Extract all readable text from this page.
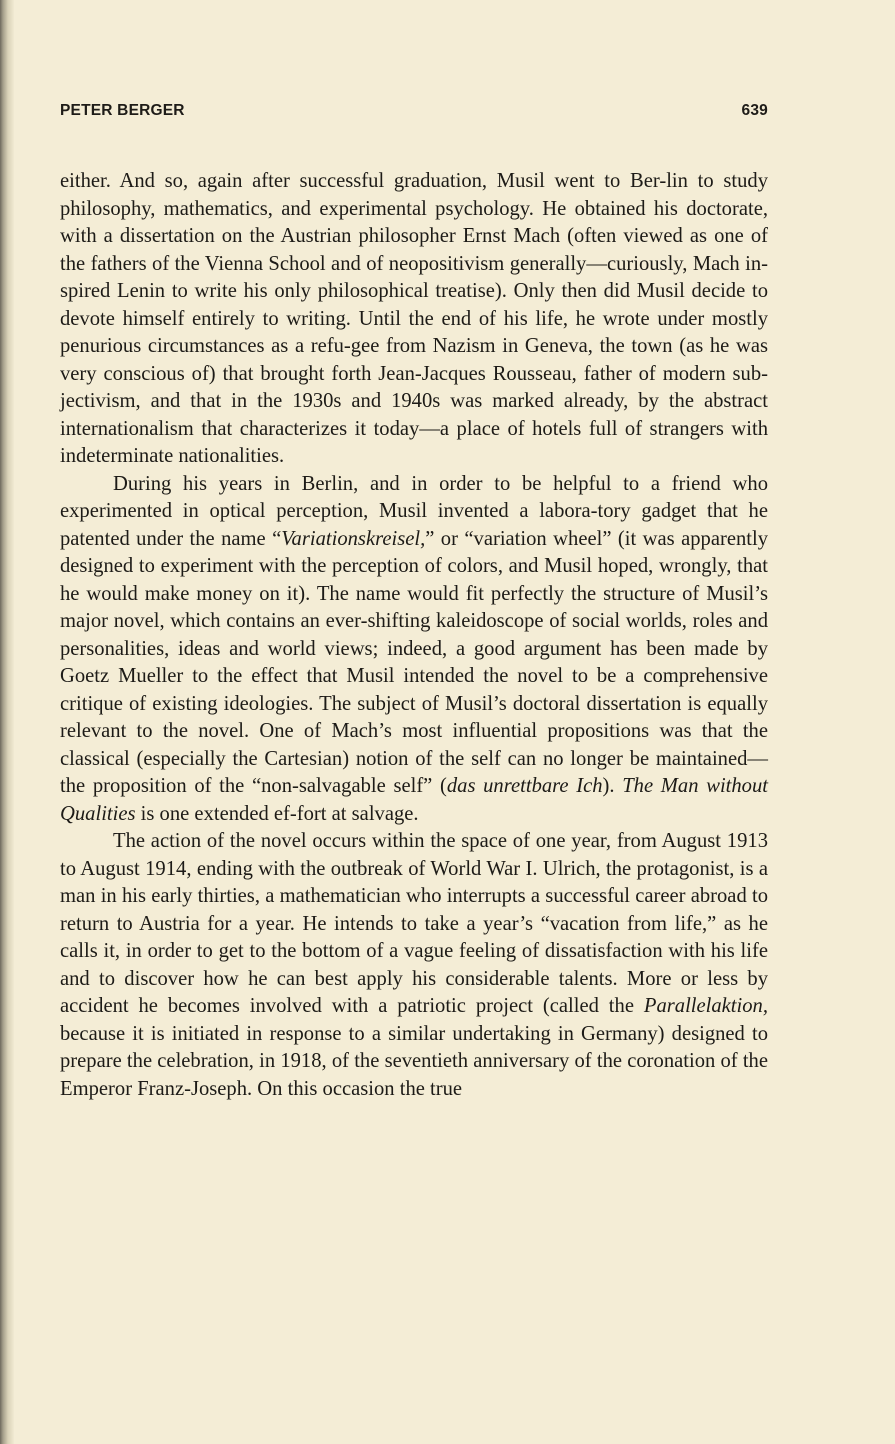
PETER BERGER	639

either. And so, again after successful graduation, Musil went to Ber-lin to study philosophy, mathematics, and experimental psychology. He obtained his doctorate, with a dissertation on the Austrian philosopher Ernst Mach (often viewed as one of the fathers of the Vienna School and of neopositivism generally—curiously, Mach in-spired Lenin to write his only philosophical treatise). Only then did Musil decide to devote himself entirely to writing. Until the end of his life, he wrote under mostly penurious circumstances as a refu-gee from Nazism in Geneva, the town (as he was very conscious of) that brought forth Jean-Jacques Rousseau, father of modern sub-jectivism, and that in the 1930s and 1940s was marked already, by the abstract internationalism that characterizes it today—a place of hotels full of strangers with indeterminate nationalities.

During his years in Berlin, and in order to be helpful to a friend who experimented in optical perception, Musil invented a labora-tory gadget that he patented under the name “Variationskreisel,” or “variation wheel” (it was apparently designed to experiment with the perception of colors, and Musil hoped, wrongly, that he would make money on it). The name would fit perfectly the structure of Musil’s major novel, which contains an ever-shifting kaleidoscope of social worlds, roles and personalities, ideas and world views; indeed, a good argument has been made by Goetz Mueller to the effect that Musil intended the novel to be a comprehensive critique of existing ideologies. The subject of Musil’s doctoral dissertation is equally relevant to the novel. One of Mach’s most influential propositions was that the classical (especially the Cartesian) notion of the self can no longer be maintained—the proposition of the “non-salvagable self” (das unrettbare Ich). The Man without Qualities is one extended ef-fort at salvage.

The action of the novel occurs within the space of one year, from August 1913 to August 1914, ending with the outbreak of World War I. Ulrich, the protagonist, is a man in his early thirties, a mathematician who interrupts a successful career abroad to return to Austria for a year. He intends to take a year’s “vacation from life,” as he calls it, in order to get to the bottom of a vague feeling of dissatisfaction with his life and to discover how he can best apply his considerable talents. More or less by accident he becomes involved with a patriotic project (called the Parallelaktion, because it is initiated in response to a similar undertaking in Germany) designed to prepare the celebration, in 1918, of the seventieth anniversary of the coronation of the Emperor Franz-Joseph. On this occasion the true
